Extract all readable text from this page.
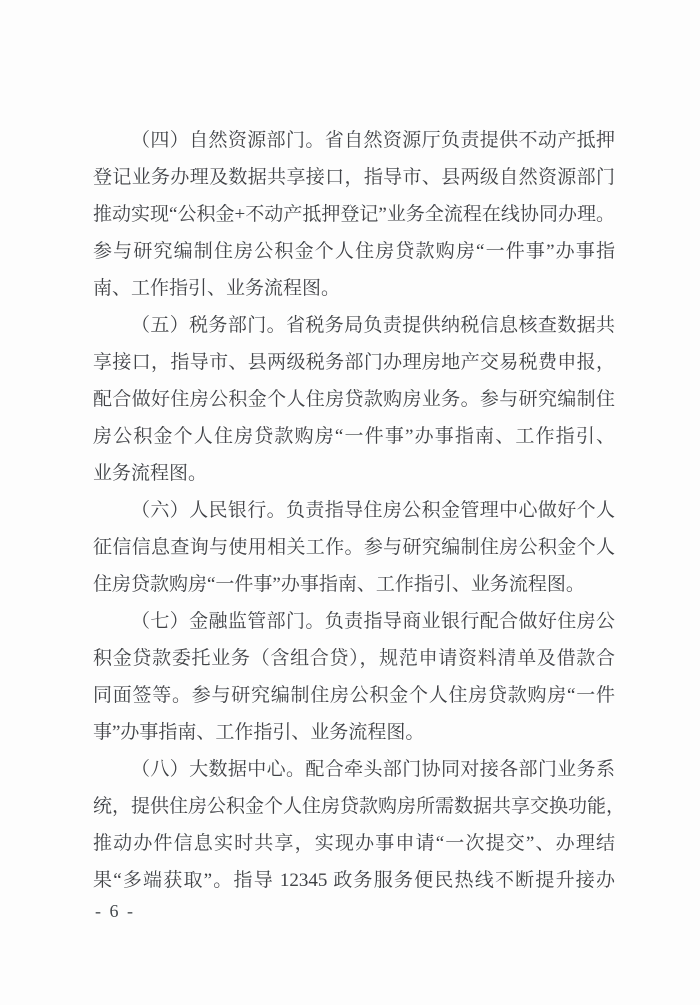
（四）自然资源部门。省自然资源厅负责提供不动产抵押
登记业务办理及数据共享接口，指导市、县两级自然资源部门
推动实现“公积金+不动产抵押登记”业务全流程在线协同办理。
参与研究编制住房公积金个人住房贷款购房“一件事”办事指
南、工作指引、业务流程图。
（五）税务部门。省税务局负责提供纳税信息核查数据共
享接口，指导市、县两级税务部门办理房地产交易税费申报，
配合做好住房公积金个人住房贷款购房业务。参与研究编制住
房公积金个人住房贷款购房“一件事”办事指南、工作指引、
业务流程图。
（六）人民银行。负责指导住房公积金管理中心做好个人
征信信息查询与使用相关工作。参与研究编制住房公积金个人
住房贷款购房“一件事”办事指南、工作指引、业务流程图。
（七）金融监管部门。负责指导商业银行配合做好住房公
积金贷款委托业务（含组合贷），规范申请资料清单及借款合
同面签等。参与研究编制住房公积金个人住房贷款购房“一件
事”办事指南、工作指引、业务流程图。
（八）大数据中心。配合牵头部门协同对接各部门业务系
统，提供住房公积金个人住房贷款购房所需数据共享交换功能，
推动办件信息实时共享，实现办事申请“一次提交”、办理结
果“多端获取”。指导 12345 政务服务便民热线不断提升接办
- 6 -
